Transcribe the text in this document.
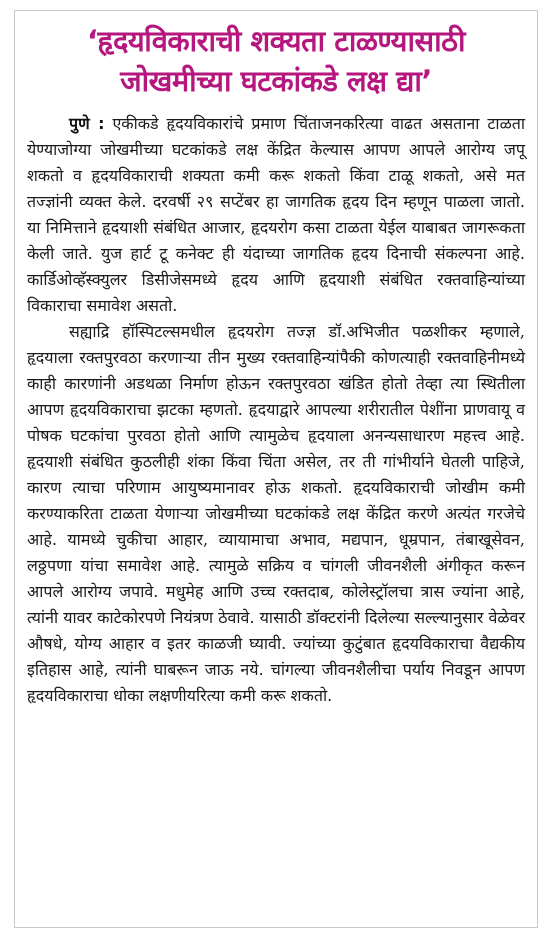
‘हृदयविकाराची शक्यता टाळण्यासाठी
जोखमीच्या घटकांकडे लक्ष द्या’

पुणे : एकीकडे हृदयविकारांचे प्रमाण चिंताजनकरित्या वाढत असताना टाळता येण्याजोग्या जोखमीच्या घटकांकडे लक्ष केंद्रित केल्यास आपण आपले आरोग्य जपू शकतो व हृदयविकाराची शक्यता कमी करू शकतो किंवा टाळू शकतो, असे मत तज्ज्ञांनी व्यक्त केले. दरवर्षी २९ सप्टेंबर हा जागतिक हृदय दिन म्हणून पाळला जातो. या निमित्ताने हृदयाशी संबंधित आजार, हृदयरोग कसा टाळता येईल याबाबत जागरूकता केली जाते. युज हार्ट टू कनेक्ट ही यंदाच्या जागतिक हृदय दिनाची संकल्पना आहे. कार्डिओव्हॅस्क्युलर डिसीजेसमध्ये हृदय आणि हृदयाशी संबंधित रक्तवाहिन्यांच्या विकाराचा समावेश असतो.

सह्याद्रि हॉस्पिटल्समधील हृदयरोग तज्ज्ञ डॉ.अभिजीत पळशीकर म्हणाले, हृदयाला रक्तपुरवठा करणाऱ्या तीन मुख्य रक्तवाहिन्यांपैकी कोणत्याही रक्तवाहिनीमध्ये काही कारणांनी अडथळा निर्माण होऊन रक्तपुरवठा खंडित होतो तेव्हा त्या स्थितीला आपण हृदयविकाराचा झटका म्हणतो. हृदयाद्वारे आपल्या शरीरातील पेशींना प्राणवायू व पोषक घटकांचा पुरवठा होतो आणि त्यामुळेच हृदयाला अनन्यसाधारण महत्त्व आहे. हृदयाशी संबंधित कुठलीही शंका किंवा चिंता असेल, तर ती गांभीर्याने घेतली पाहिजे, कारण त्याचा परिणाम आयुष्यमानावर होऊ शकतो. हृदयविकाराची जोखीम कमी करण्याकरिता टाळता येणाऱ्या जोखमीच्या घटकांकडे लक्ष केंद्रित करणे अत्यंत गरजेचे आहे. यामध्ये चुकीचा आहार, व्यायामाचा अभाव, मद्यपान, धूम्रपान, तंबाखूसेवन, लठ्ठपणा यांचा समावेश आहे. त्यामुळे सक्रिय व चांगली जीवनशैली अंगीकृत करून आपले आरोग्य जपावे. मधुमेह आणि उच्च रक्तदाब, कोलेस्ट्रॉलचा त्रास ज्यांना आहे, त्यांनी यावर काटेकोरपणे नियंत्रण ठेवावे. यासाठी डॉक्टरांनी दिलेल्या सल्ल्यानुसार वेळेवर औषधे, योग्य आहार व इतर काळजी घ्यावी. ज्यांच्या कुटुंबात हृदयविकाराचा वैद्यकीय इतिहास आहे, त्यांनी घाबरून जाऊ नये. चांगल्या जीवनशैलीचा पर्याय निवडून आपण हृदयविकाराचा धोका लक्षणीयरित्या कमी करू शकतो.
